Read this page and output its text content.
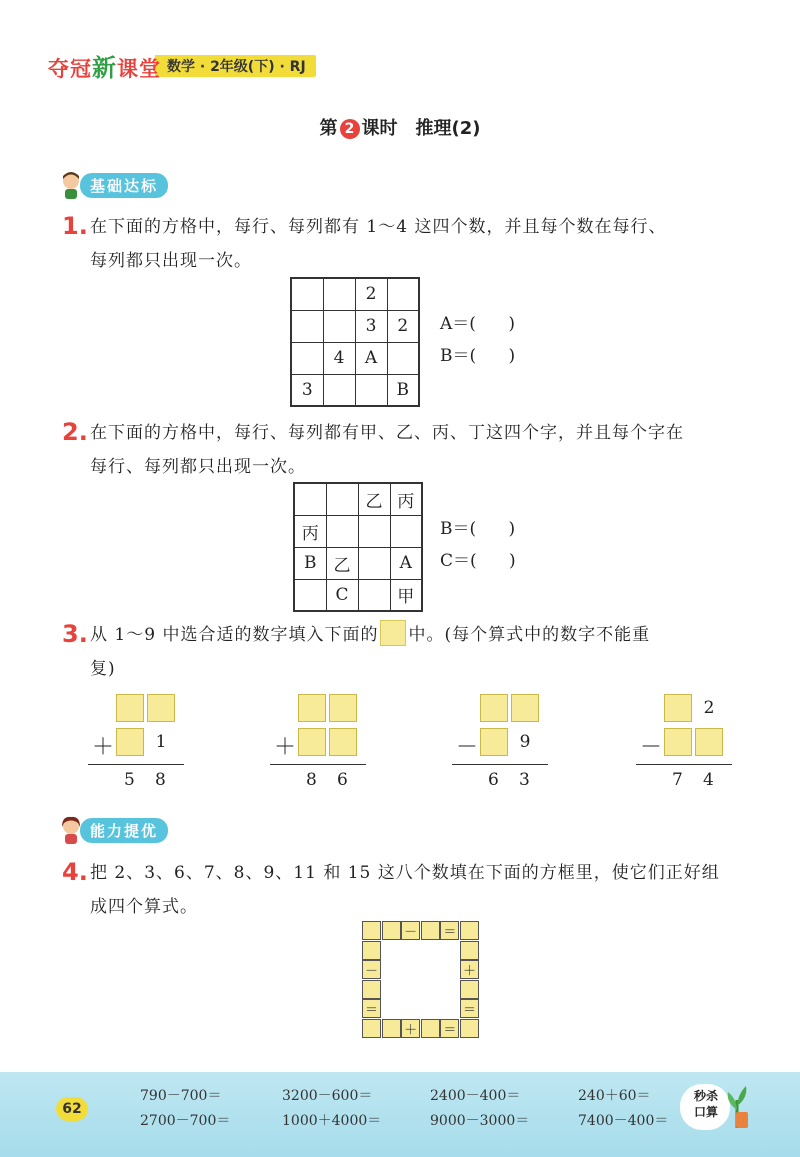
夺冠新课堂 数学 · 2年级(下) · RJ
第 2 课时 推理(2)
基础达标
1. 在下面的方格中，每行、每列都有 1～4 这四个数，并且每个数在每行、
每列都只出现一次。
		2	
		3	2
	4	A	
3			B
A＝(      )
B＝(      )
2. 在下面的方格中，每行、每列都有甲、乙、丙、丁这四个字，并且每个字在
每行、每列都只出现一次。
		乙	丙
丙			
B	乙		A
	C		甲
B＝(      )
C＝(      )
3. 从 1～9 中选合适的数字填入下面的 中。(每个算式中的数字不能重
复)
1
＋
5 8
＋
8 6
9
－
6 3
2
－
7 4
能力提优
4. 把 2、3、6、7、8、9、11 和 15 这八个数填在下面的方框里，使它们正好组
成四个算式。
－ ＝
＋
＝
＝
＋
＝
－
62
790－700＝	3200－600＝	2400－400＝	240＋60＝
2700－700＝	1000＋4000＝	9000－3000＝	7400－400＝
秒杀
口算
